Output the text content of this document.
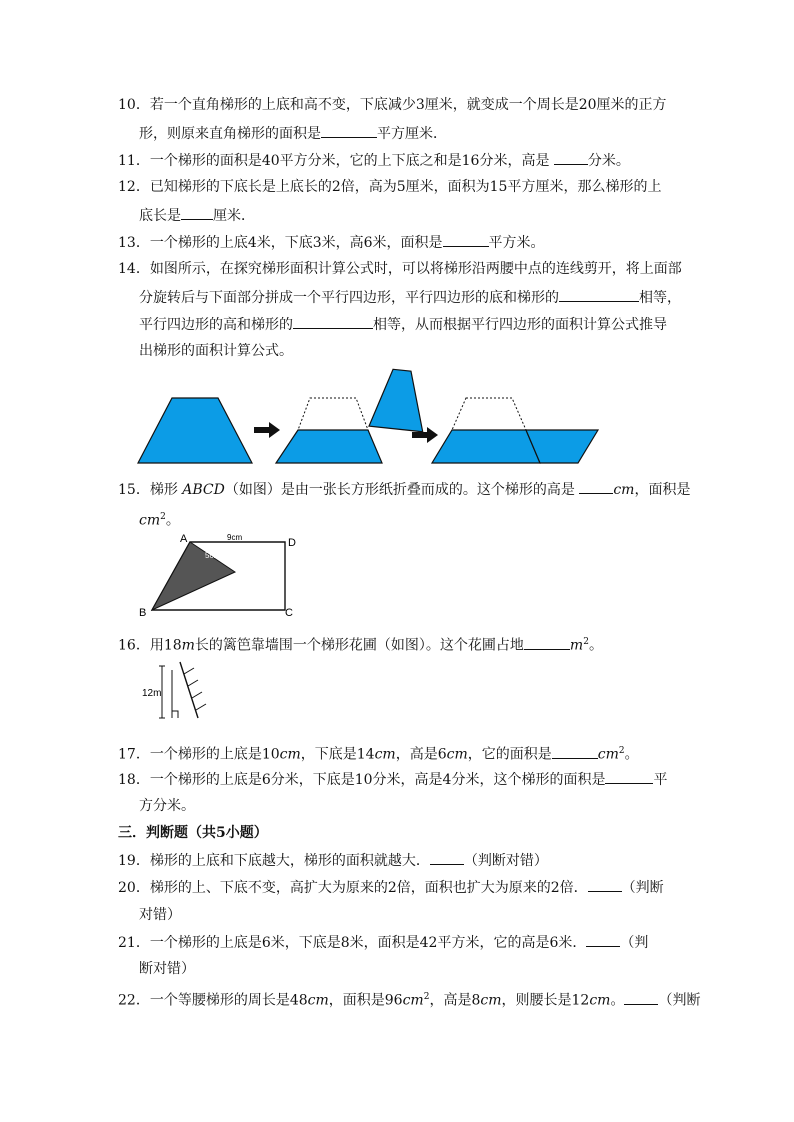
10．若一个直角梯形的上底和高不变，下底减少3厘米，就变成一个周长是20厘米的正方
形，则原来直角梯形的面积是	平方厘米．
11．一个梯形的面积是40平方分米，它的上下底之和是16分米，高是 分米。
12．已知梯形的下底长是上底长的2倍，高为5厘米，面积为15平方厘米，那么梯形的上
底长是 厘米．
13．一个梯形的上底4米，下底3米，高6米，面积是	平方米。
14．如图所示，在探究梯形面积计算公式时，可以将梯形沿两腰中点的连线剪开，将上面部
分旋转后与下面部分拼成一个平行四边形，平行四边形的底和梯形的	相等，
平行四边形的高和梯形的	相等，从而根据平行四边形的面积计算公式推导
出梯形的面积计算公式。
15．梯形 ABCD（如图）是由一张长方形纸折叠而成的。这个梯形的高是 cm，面积是
$cm^2$。
A	D
B	C
9cm
5cm
6cm
16．用18m长的篱笆靠墙围一个梯形花圃（如图）。这个花圃占地	$m^2$。
12m
17．一个梯形的上底是10cm，下底是14cm，高是6cm，它的面积是	$cm^2$。
18．一个梯形的上底是6分米，下底是10分米，高是4分米，这个梯形的面积是	平
方分米。
三．判断题（共5小题）
19．梯形的上底和下底越大，梯形的面积就越大． （判断对错）
20．梯形的上、下底不变，高扩大为原来的2倍，面积也扩大为原来的2倍． （判断
对错）
21．一个梯形的上底是6米，下底是8米，面积是42平方米，它的高是6米． （判
断对错）
22．一个等腰梯形的周长是48cm，面积是$96cm^2$，高是8cm，则腰长是12cm。 （判断
